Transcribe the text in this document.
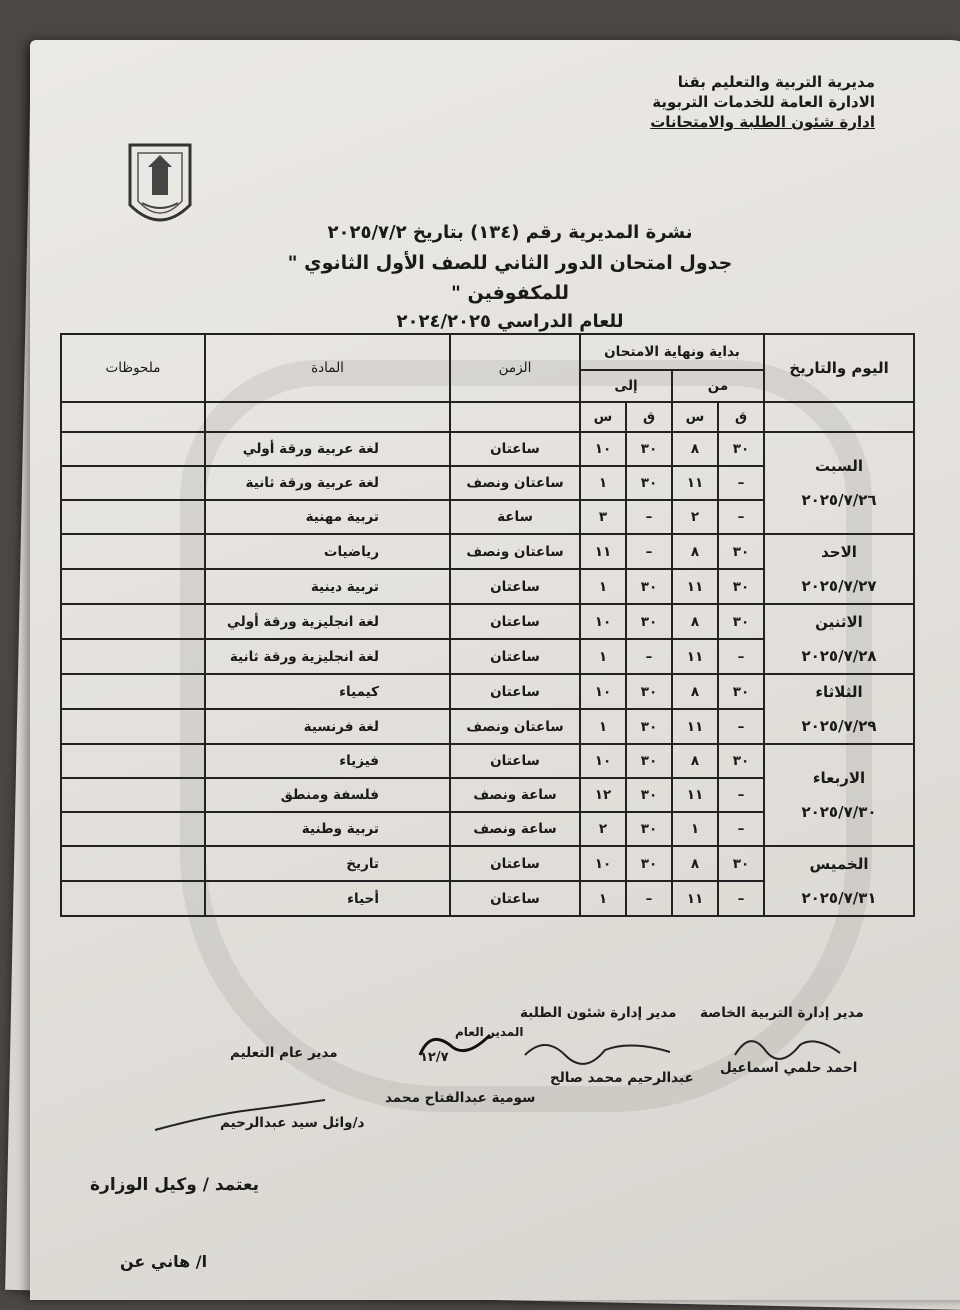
مديرية التربية والتعليم بقنا
الادارة العامة للخدمات التربوية
ادارة شئون الطلبة والامتحانات
نشرة المديرية رقم (١٣٤) بتاريخ ٢٠٢٥/٧/٢
جدول امتحان الدور الثاني للصف الأول الثانوي " للمكفوفين "
للعام الدراسي ٢٠٢٤/٢٠٢٥
اليوم والتاريخ	بداية ونهاية الامتحان				الزمن	المادة	ملحوظات
	من		إلى				
	ق	س	ق	س			

السبت
٢٠٢٥/٧/٢٦	٣٠	٨	٣٠	١٠	ساعتان	لغة عربية ورقة أولي	
	–	١١	٣٠	١	ساعتان ونصف	لغة عربية ورقة ثانية	
	–	٢	–	٣	ساعة	تربية مهنية	

الاحد
٢٠٢٥/٧/٢٧	٣٠	٨	–	١١	ساعتان ونصف	رياضيات	
	٣٠	١١	٣٠	١	ساعتان	تربية دينية	

الاثنين
٢٠٢٥/٧/٢٨	٣٠	٨	٣٠	١٠	ساعتان	لغة انجليزية ورقة أولي	
	–	١١	–	١	ساعتان	لغة انجليزية ورقة ثانية	

الثلاثاء
٢٠٢٥/٧/٢٩	٣٠	٨	٣٠	١٠	ساعتان	كيمياء	
	–	١١	٣٠	١	ساعتان ونصف	لغة فرنسية	

الاربعاء
٢٠٢٥/٧/٣٠	٣٠	٨	٣٠	١٠	ساعتان	فيزياء	
	–	١١	٣٠	١٢	ساعة ونصف	فلسفة ومنطق	
	–	١	٣٠	٢	ساعة ونصف	تربية وطنية	

الخميس
٢٠٢٥/٧/٣١	٣٠	٨	٣٠	١٠	ساعتان	تاريخ	
	–	١١	–	١	ساعتان	أحياء	
مدير إدارة التربية الخاصة
احمد حلمي اسماعيل
مدير إدارة شئون الطلبة
عبدالرحيم محمد صالح
المدير العام
١٢/٧
سومية عبدالفتاح محمد
مدير عام التعليم
د/وائل سيد عبدالرحيم
يعتمد / وكيل الوزارة
ا/ هاني عن
